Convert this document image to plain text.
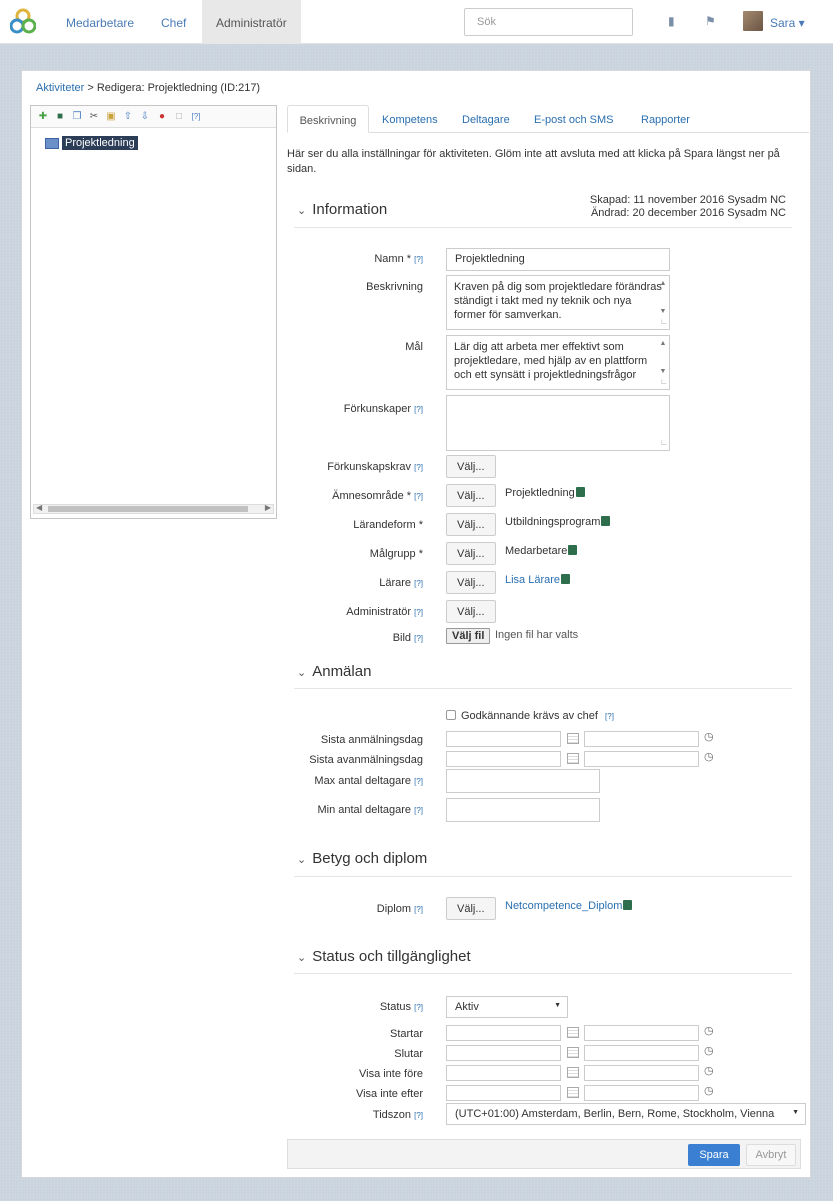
Medarbetare Chef	Administratör	Sök	▮	⚑	Sara ▾
Aktiviteter > Redigera: Projektledning (ID:217)
✚ ■ ❐ ✂ ▣ ⇧ ⇩ ● □	[?]
Projektledning
◀	▶
Beskrivning	Kompetens Deltagare E-post och SMS	Rapporter
Här ser du alla inställningar för aktiviteten. Glöm inte att avsluta med att klicka på Spara längst ner på sidan.
⌄ Information
Skapad: 11 november 2016 Sysadm NC
Ändrad: 20 december 2016 Sysadm NC
Namn * [?]	Projektledning
Beskrivning	Kraven på dig som projektledare förändras ständigt i takt med ny teknik och nya former för samverkan.
▲

▼
∟
Mål	Lär dig att arbeta mer effektivt som projektledare, med hjälp av en plattform och ett synsätt i projektledningsfrågor
▲

▼
∟
Förkunskaper [?]
∟
Förkunskapskrav [?]	Välj...
Ämnesområde * [?]	Välj...	Projektledning
Lärandeform *	Välj...	Utbildningsprogram
Målgrupp *	Välj...	Medarbetare
Lärare [?]	Välj...	Lisa Lärare
Administratör [?]	Välj...
Bild [?]	Välj fil Ingen fil har valts
⌄ Anmälan
Godkännande krävs av chef [?]
Sista anmälningsdag	◷
Sista avanmälningsdag	◷
Max antal deltagare [?]
Min antal deltagare [?]
⌄ Betyg och diplom
Diplom [?]	Välj...	Netcompetence_Diplom
⌄ Status och tillgänglighet
Status [?]	Aktiv	▼
Startar	◷
Slutar	◷
Visa inte före	◷
Visa inte efter	◷
Tidszon [?]	(UTC+01:00) Amsterdam, Berlin, Bern, Rome, Stockholm, Vienna	▼
Spara	Avbryt
